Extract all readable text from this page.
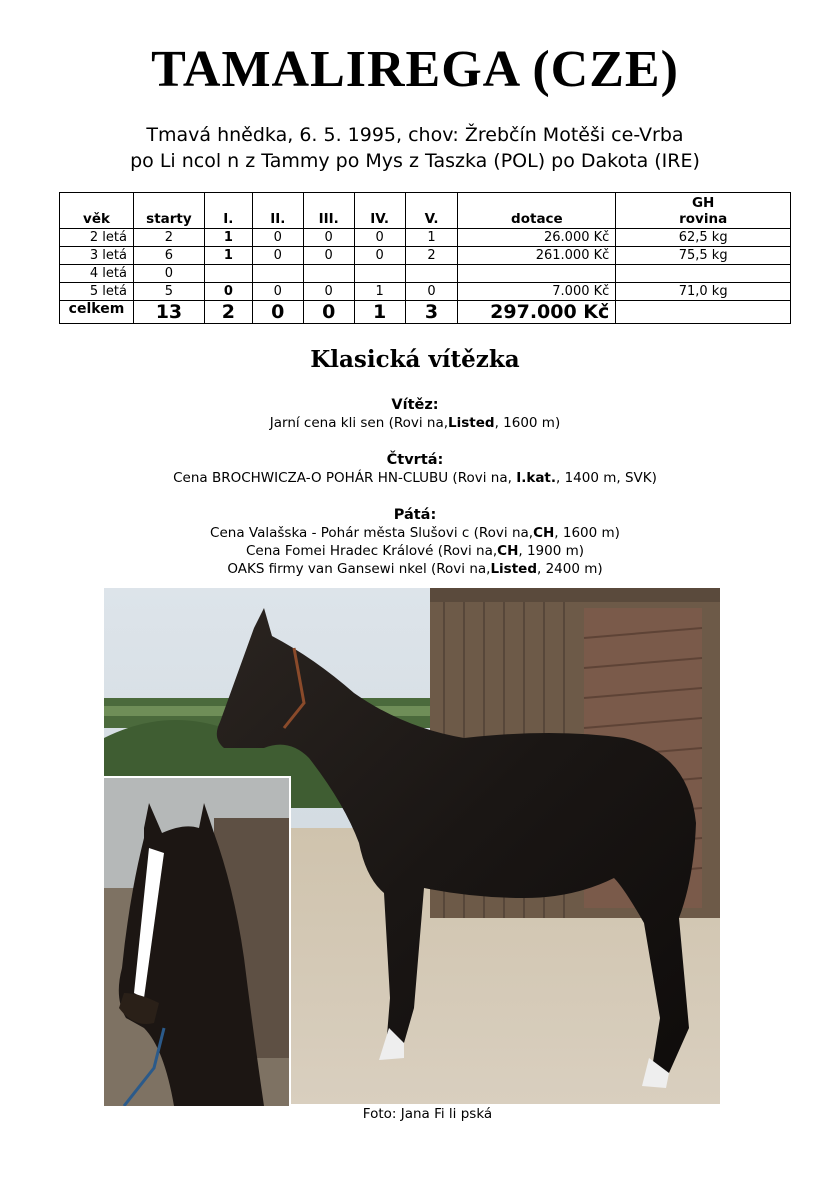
TAMALIREGA (CZE)

Tmavá hnědka, 6. 5. 1995, chov: Žrebčín Motěši ce-Vrba

po Li ncol n z Tammy po Mys z Taszka (POL) po Dakota (IRE)

věk	starty	I.	II.	III.	IV.	V.	dotace	GH
rovina

2 letá	2	1	0	0	0	1	26.000 Kč	62,5 kg
3 letá	6	1	0	0	0	2	261.000 Kč	75,5 kg
4 letá	0							
5 letá	5	0	0	0	1	0	7.000 Kč	71,0 kg
celkem	13	2	0	0	1	3	297.000 Kč	
Klasická vítězka
Vítěz:
Jarní cena kli sen (Rovi na,Listed, 1600 m)
Čtvrtá:
Cena BROCHWICZA-O POHÁR HN-CLUBU (Rovi na, I.kat., 1400 m, SVK)
Pátá:
Cena Valašska - Pohár města Slušovi c (Rovi na,CH, 1600 m)
Cena Fomei Hradec Králové (Rovi na,CH, 1900 m)
OAKS firmy van Gansewi nkel (Rovi na,Listed, 2400 m)
Foto: Jana Fi li pská
